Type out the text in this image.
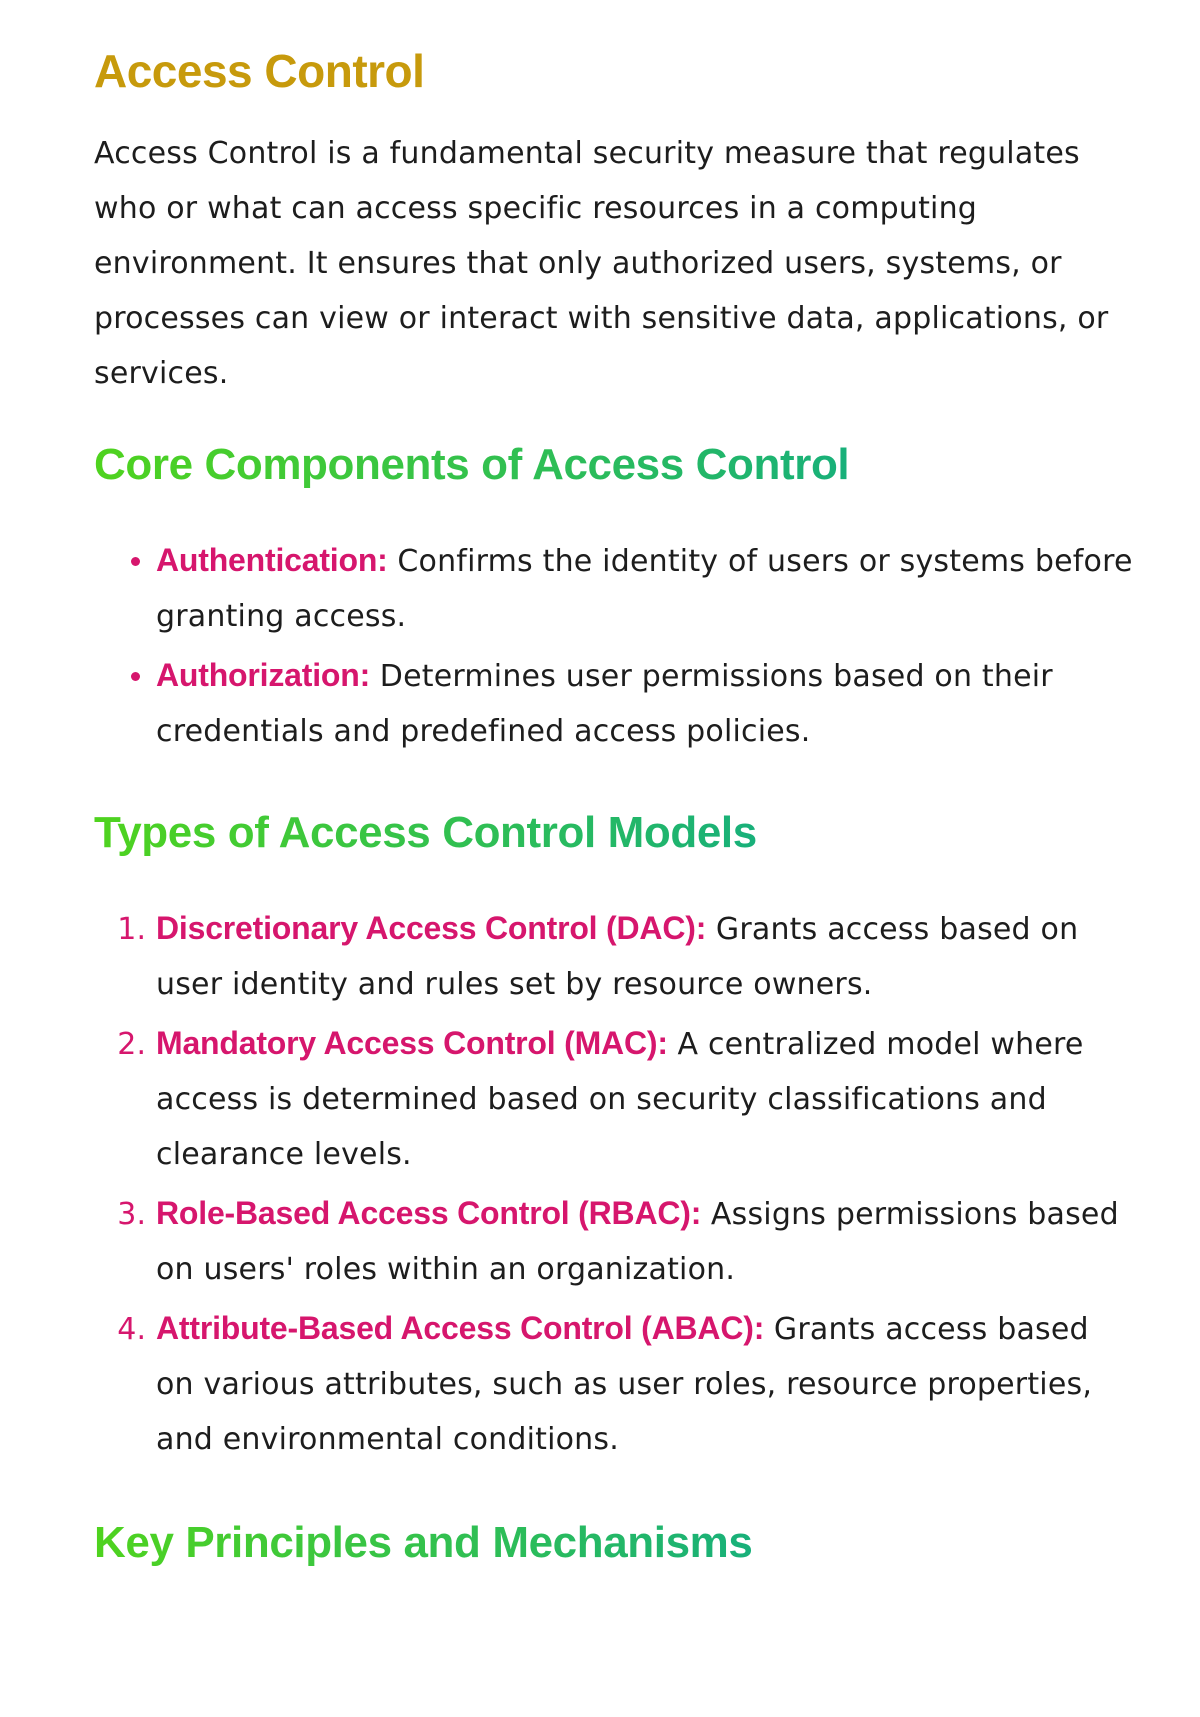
Access Control

Access Control is a fundamental security measure that regulates who or what can access specific resources in a computing environment. It ensures that only authorized users, systems, or processes can view or interact with sensitive data, applications, or services.

Core Components of Access Control
• Authentication: Confirms the identity of users or systems before granting access.
• Authorization: Determines user permissions based on their credentials and predefined access policies.
Types of Access Control Models
1. Discretionary Access Control (DAC): Grants access based on user identity and rules set by resource owners.
2. Mandatory Access Control (MAC): A centralized model where access is determined based on security classifications and clearance levels.
3. Role-Based Access Control (RBAC): Assigns permissions based on users' roles within an organization.
4. Attribute-Based Access Control (ABAC): Grants access based on various attributes, such as user roles, resource properties, and environmental conditions.
Key Principles and Mechanisms
